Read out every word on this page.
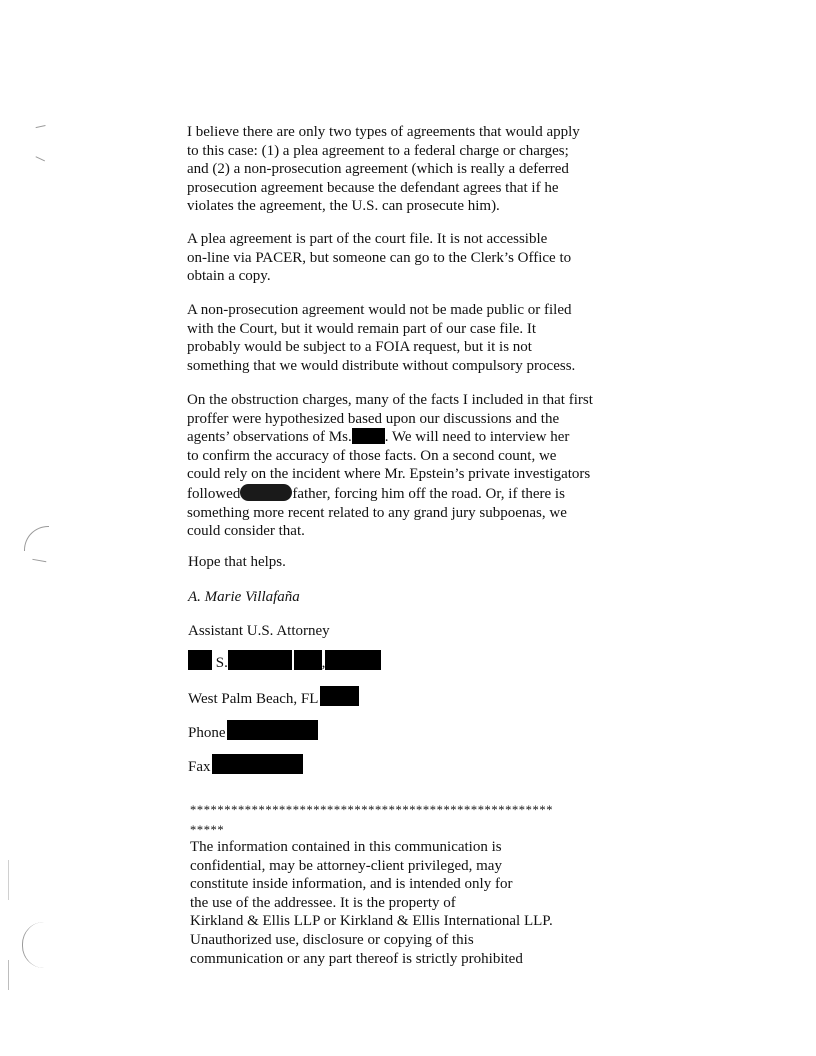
I believe there are only two types of agreements that would apply
to this case: (1) a plea agreement to a federal charge or charges;
and (2) a non-prosecution agreement (which is really a deferred
prosecution agreement because the defendant agrees that if he
violates the agreement, the U.S. can prosecute him).

A plea agreement is part of the court file. It is not accessible
on-line via PACER, but someone can go to the Clerk’s Office to
obtain a copy.

A non-prosecution agreement would not be made public or filed
with the Court, but it would remain part of our case file. It
probably would be subject to a FOIA request, but it is not
something that we would distribute without compulsory process.

On the obstruction charges, many of the facts I included in that first
proffer were hypothesized based upon our discussions and the
agents’ observations of Ms. . We will need to interview her
to confirm the accuracy of those facts. On a second count, we
could rely on the incident where Mr. Epstein’s private investigators
followed	father, forcing him off the road. Or, if there is
something more recent related to any grand jury subpoenas, we
could consider that.

Hope that helps.
A. Marie Villafaña
Assistant U.S. Attorney
S.	,
West Palm Beach, FL
Phone
Fax
*****************************************************
*****
The information contained in this communication is
confidential, may be attorney-client privileged, may
constitute inside information, and is intended only for
the use of the addressee. It is the property of
Kirkland & Ellis LLP or Kirkland & Ellis International LLP.
Unauthorized use, disclosure or copying of this
communication or any part thereof is strictly prohibited
